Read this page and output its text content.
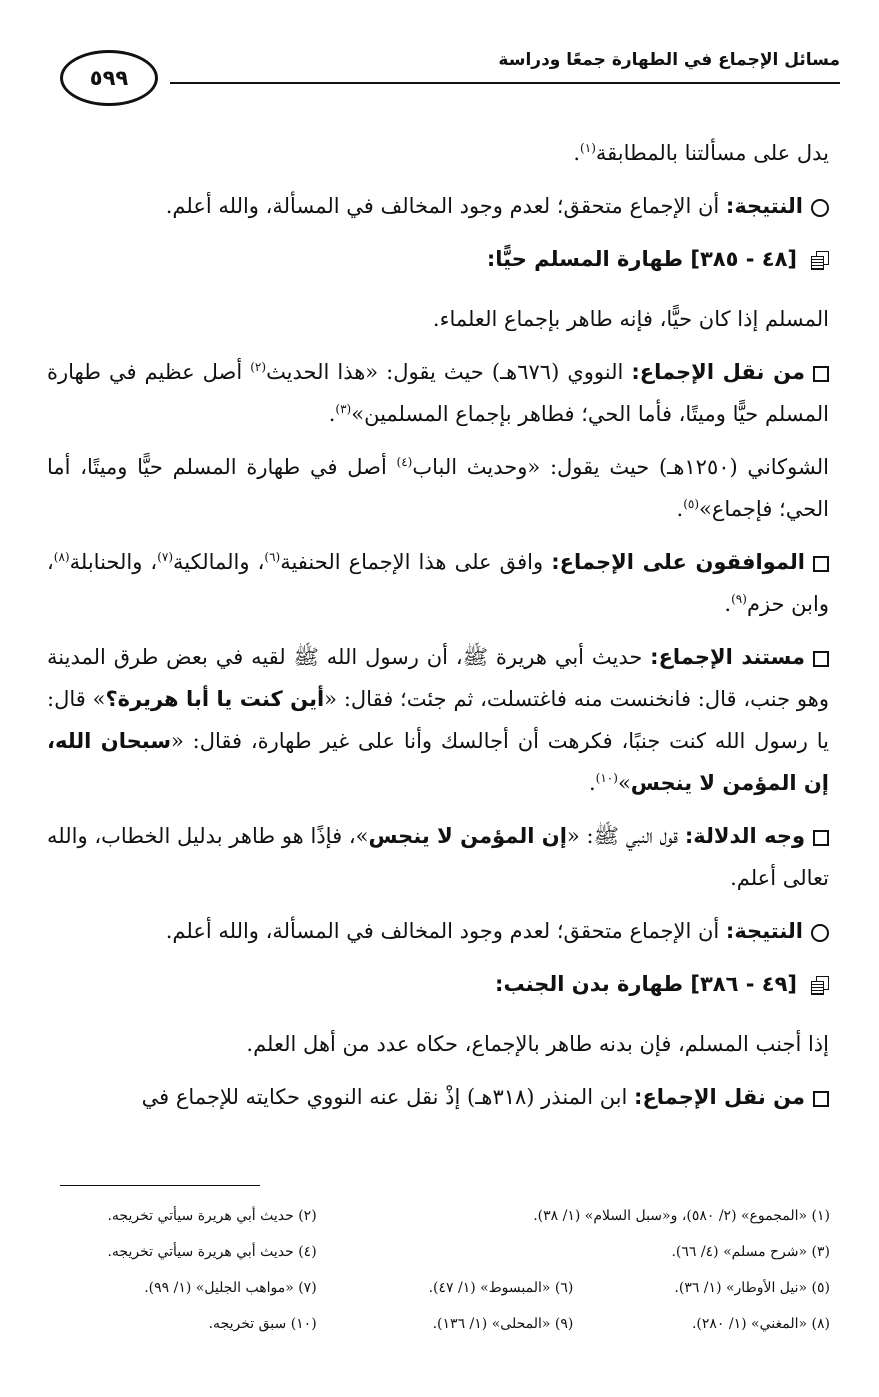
مسائل الإجماع في الطهارة جمعًا ودراسة
٥٩٩

يدل على مسألتنا بالمطابقة$^{(١)}$.

النتيجة: أن الإجماع متحقق؛ لعدم وجود المخالف في المسألة، والله أعلم.

[٤٨ - ٣٨٥] طهارة المسلم حيًّا:

المسلم إذا كان حيًّا، فإنه طاهر بإجماع العلماء.

من نقل الإجماع: النووي (٦٧٦هـ) حيث يقول: «هذا الحديث$^{(٢)}$ أصل عظيم في طهارة المسلم حيًّا وميتًا، فأما الحي؛ فطاهر بإجماع المسلمين»$^{(٣)}$.

الشوكاني (١٢٥٠هـ) حيث يقول: «وحديث الباب$^{(٤)}$ أصل في طهارة المسلم حيًّا وميتًا، أما الحي؛ فإجماع»$^{(٥)}$.

الموافقون على الإجماع: وافق على هذا الإجماع الحنفية$^{(٦)}$، والمالكية$^{(٧)}$، والحنابلة$^{(٨)}$، وابن حزم$^{(٩)}$.

مستند الإجماع: حديث أبي هريرة ﷺ، أن رسول الله ﷺ لقيه في بعض طرق المدينة وهو جنب، قال: فانخنست منه فاغتسلت، ثم جئت؛ فقال: «أين كنت يا أبا هريرة؟» قال: يا رسول الله كنت جنبًا، فكرهت أن أجالسك وأنا على غير طهارة، فقال: «سبحان الله، إن المؤمن لا ينجس»$^{(١٠)}$.

وجه الدلالة: قول النبي ﷺ: «إن المؤمن لا ينجس»، فإذًا هو طاهر بدليل الخطاب، والله تعالى أعلم.

النتيجة: أن الإجماع متحقق؛ لعدم وجود المخالف في المسألة، والله أعلم.

[٤٩ - ٣٨٦] طهارة بدن الجنب:

إذا أجنب المسلم، فإن بدنه طاهر بالإجماع، حكاه عدد من أهل العلم.

من نقل الإجماع: ابن المنذر (٣١٨هـ) إذْ نقل عنه النووي حكايته للإجماع في

(١) «المجموع» (٢/ ٥٨٠)، و«سبل السلام» (١/ ٣٨).
(٢) حديث أبي هريرة سيأتي تخريجه.
(٣) «شرح مسلم» (٤/ ٦٦).
(٤) حديث أبي هريرة سيأتي تخريجه.
(٥) «نيل الأوطار» (١/ ٣٦).
(٦) «المبسوط» (١/ ٤٧).
(٧) «مواهب الجليل» (١/ ٩٩).
(٨) «المغني» (١/ ٢٨٠).
(٩) «المحلى» (١/ ١٣٦).
(١٠) سبق تخريجه.
